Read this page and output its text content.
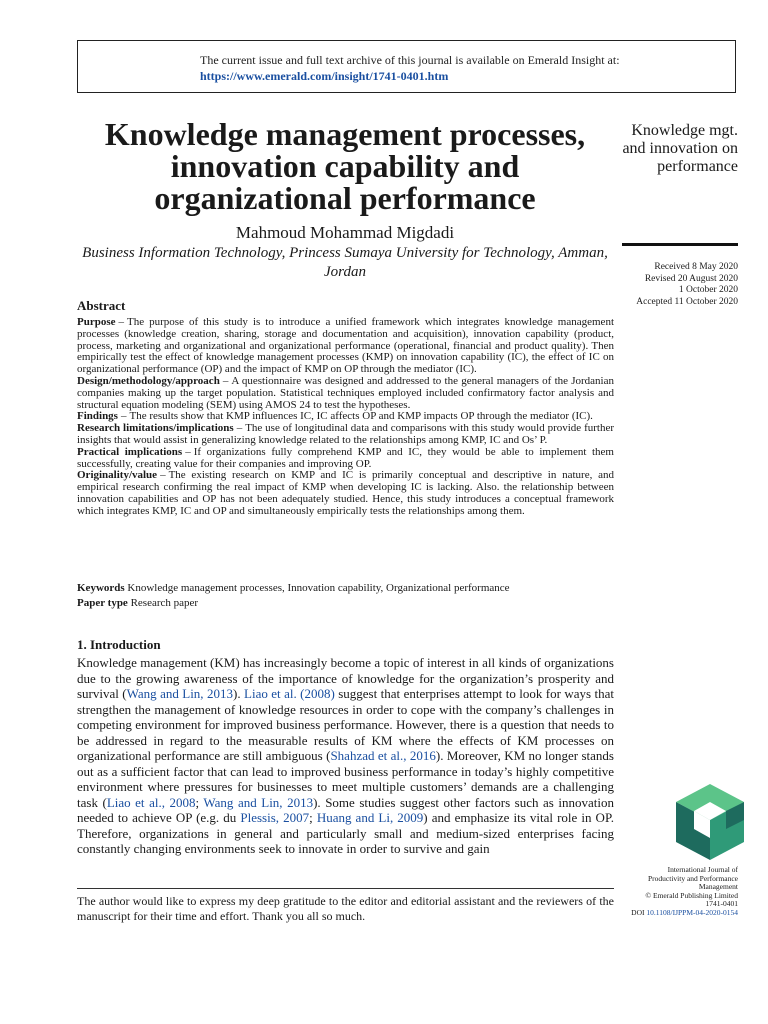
The current issue and full text archive of this journal is available on Emerald Insight at:
https://www.emerald.com/insight/1741-0401.htm
Knowledge management processes, innovation capability and organizational performance
Mahmoud Mohammad Migdadi
Business Information Technology, Princess Sumaya University for Technology, Amman, Jordan
Knowledge mgt. and innovation on performance
Received 8 May 2020
Revised 20 August 2020
1 October 2020
Accepted 11 October 2020
Abstract

Purpose – The purpose of this study is to introduce a unified framework which integrates knowledge management processes (knowledge creation, sharing, storage and documentation and acquisition), innovation capability (product, process, marketing and organizational and organizational performance (operational, financial and product quality). Then empirically test the effect of knowledge management processes (KMP) on innovation capability (IC), the effect of IC on organizational performance (OP) and the impact of KMP on OP through the mediator (IC).

Design/methodology/approach – A questionnaire was designed and addressed to the general managers of the Jordanian companies making up the target population. Statistical techniques employed included confirmatory factor analysis and structural equation modeling (SEM) using AMOS 24 to test the hypotheses.

Findings – The results show that KMP influences IC, IC affects OP and KMP impacts OP through the mediator (IC).

Research limitations/implications – The use of longitudinal data and comparisons with this study would provide further insights that would assist in generalizing knowledge related to the relationships among KMP, IC and Os’ P.

Practical implications – If organizations fully comprehend KMP and IC, they would be able to implement them successfully, creating value for their companies and improving OP.

Originality/value – The existing research on KMP and IC is primarily conceptual and descriptive in nature, and empirical research confirming the real impact of KMP when developing IC is lacking. Also. the relationship between innovation capabilities and OP has not been adequately studied. Hence, this study introduces a conceptual framework which integrates KMP, IC and OP and simultaneously empirically tests the relationships among them.

Keywords Knowledge management processes, Innovation capability, Organizational performance
Paper type Research paper
1. Introduction

Knowledge management (KM) has increasingly become a topic of interest in all kinds of organizations due to the growing awareness of the importance of knowledge for the organization’s prosperity and survival (Wang and Lin, 2013). Liao et al. (2008) suggest that enterprises attempt to look for ways that strengthen the management of knowledge resources in order to cope with the company’s challenges in competing environment for improved business performance. However, there is a question that needs to be addressed in regard to the measurable results of KM where the effects of KM processes on organizational performance are still ambiguous (Shahzad et al., 2016). Moreover, KM no longer stands out as a sufficient factor that can lead to improved business performance in today’s highly competitive environment where pressures for businesses to meet multiple customers’ demands are a challenging task (Liao et al., 2008; Wang and Lin, 2013). Some studies suggest other factors such as innovation needed to achieve OP (e.g. du Plessis, 2007; Huang and Li, 2009) and emphasize its vital role in OP. Therefore, organizations in general and particularly small and medium-sized enterprises facing constantly changing environments seek to innovate in order to survive and gain

The author would like to express my deep gratitude to the editor and editorial assistant and the reviewers of the manuscript for their time and effort. Thank you all so much.

International Journal of
Productivity and Performance
Management
© Emerald Publishing Limited
1741-0401
DOI 10.1108/IJPPM-04-2020-0154
